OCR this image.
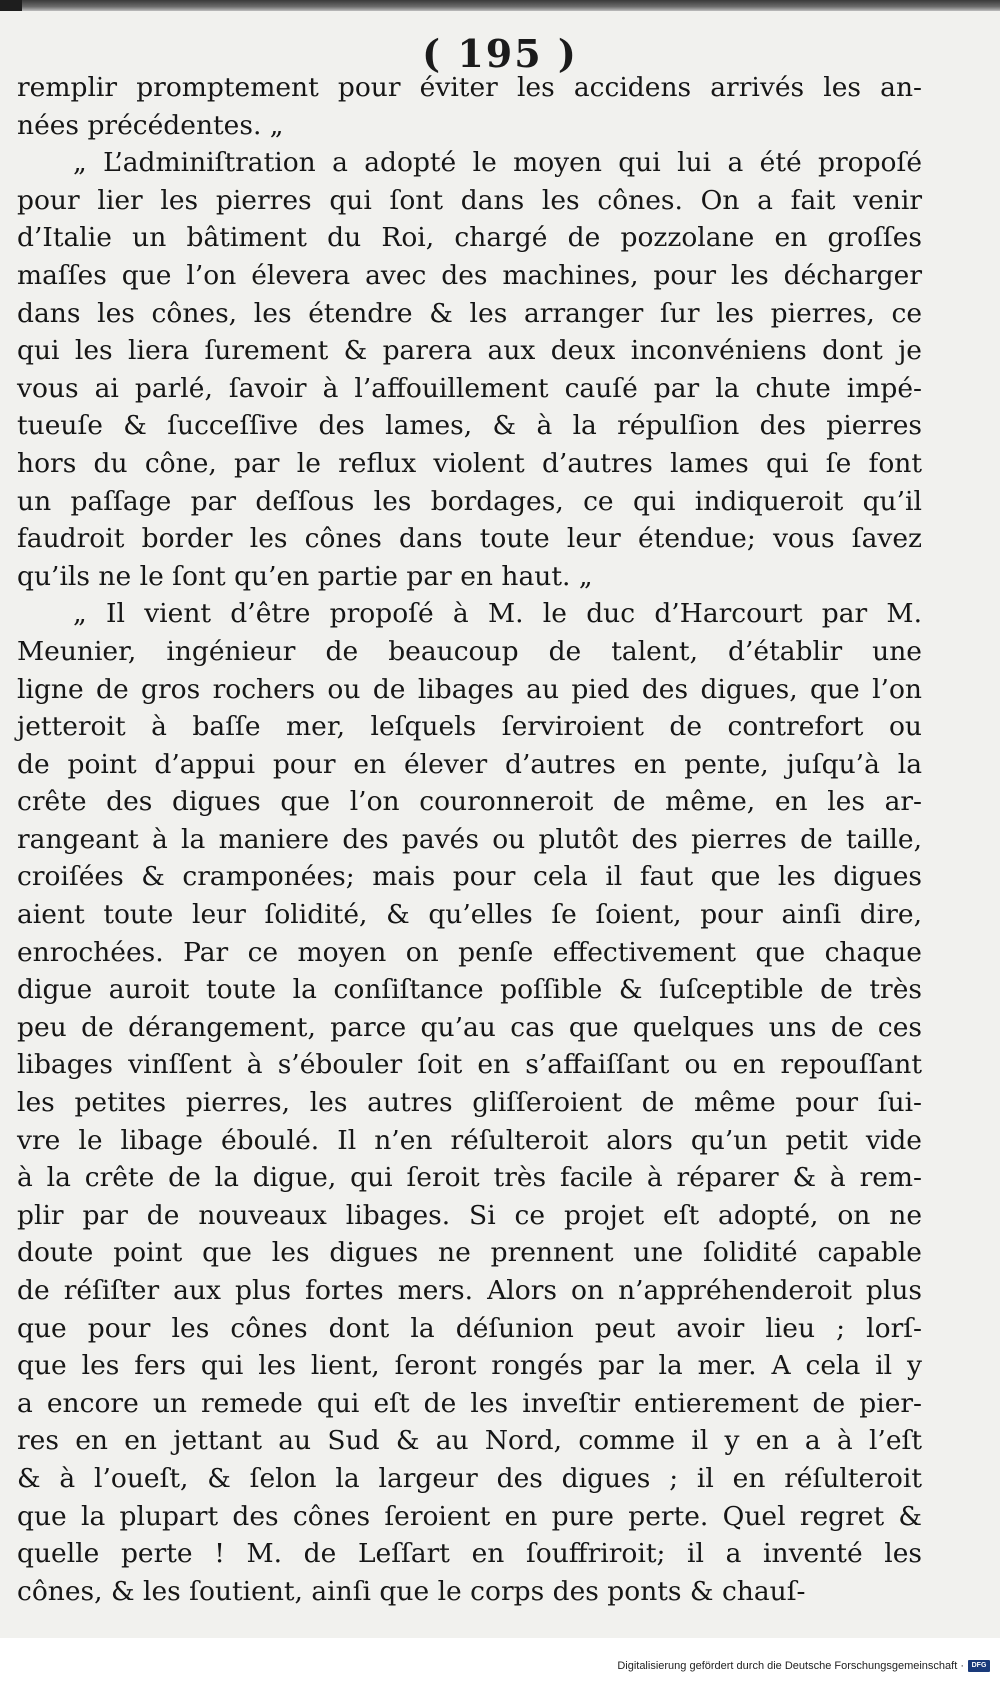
( 195 )
remplir promptement pour éviter les accidens arrivés les an-
nées précédentes. „
„ L’adminiſtration a adopté le moyen qui lui a été propoſé
pour lier les pierres qui ſont dans les cônes. On a fait venir
d’Italie un bâtiment du Roi, chargé de pozzolane en groſſes
maſſes que l’on élevera avec des machines, pour les décharger
dans les cônes, les étendre & les arranger ſur les pierres, ce
qui les liera ſurement & parera aux deux inconvéniens dont je
vous ai parlé, ſavoir à l’affouillement cauſé par la chute impé-
tueuſe & ſucceſſive des lames, & à la répulſion des pierres
hors du cône, par le reflux violent d’autres lames qui ſe font
un paſſage par deſſous les bordages, ce qui indiqueroit qu’il
faudroit border les cônes dans toute leur étendue; vous ſavez
qu’ils ne le ſont qu’en partie par en haut. „
„ Il vient d’être propoſé à M. le duc d’Harcourt par M.
Meunier, ingénieur de beaucoup de talent, d’établir une
ligne de gros rochers ou de libages au pied des digues, que l’on
jetteroit à baſſe mer, leſquels ſerviroient de contrefort ou
de point d’appui pour en élever d’autres en pente, juſqu’à la
crête des digues que l’on couronneroit de même, en les ar-
rangeant à la maniere des pavés ou plutôt des pierres de taille,
croiſées & cramponées; mais pour cela il faut que les digues
aient toute leur ſolidité, & qu’elles ſe ſoient, pour ainſi dire,
enrochées. Par ce moyen on penſe effectivement que chaque
digue auroit toute la conſiſtance poſſible & ſuſceptible de très
peu de dérangement, parce qu’au cas que quelques uns de ces
libages vinſſent à s’ébouler ſoit en s’affaiſſant ou en repouſſant
les petites pierres, les autres gliſſeroient de même pour ſui-
vre le libage éboulé. Il n’en réſulteroit alors qu’un petit vide
à la crête de la digue, qui ſeroit très facile à réparer & à rem-
plir par de nouveaux libages. Si ce projet eſt adopté, on ne
doute point que les digues ne prennent une ſolidité capable
de réſiſter aux plus fortes mers. Alors on n’appréhenderoit plus
que pour les cônes dont la déſunion peut avoir lieu ; lorſ-
que les fers qui les lient, ſeront rongés par la mer. A cela il y
a encore un remede qui eſt de les inveſtir entierement de pier-
res en en jettant au Sud & au Nord, comme il y en a à l’eſt
& à l’oueſt, & ſelon la largeur des digues ; il en réſulteroit
que la plupart des cônes ſeroient en pure perte. Quel regret &
quelle perte ! M. de Leſſart en ſouffriroit; il a inventé les
cônes, & les ſoutient, ainſi que le corps des ponts & chauſ-
Digitalisierung gefördert durch die Deutsche Forschungsgemeinschaft ·	DFG
